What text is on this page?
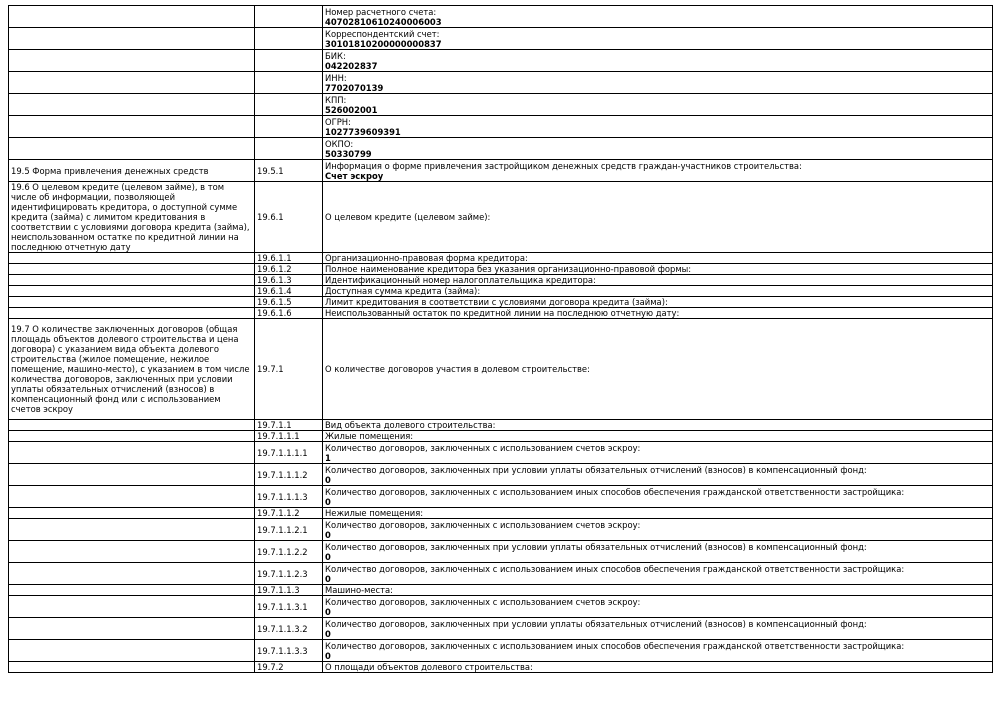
		Номер расчетного счета:
40702810610240006003

		Корреспондентский счет:
30101810200000000837

		БИК:
042202837

		ИНН:
7702070139

		КПП:
526002001

		ОГРН:
1027739609391

		ОКПО:
50330799

19.5 Форма привлечения денежных средств	19.5.1	Информация о форме привлечения застройщиком денежных средств граждан-участников строительства:
Счет эскроу

19.6 О целевом кредите (целевом займе), в том числе об информации, позволяющей идентифицировать кредитора, о доступной сумме кредита (займа) с лимитом кредитования в соответствии с условиями договора кредита (займа), неиспользованном остатке по кредитной линии на последнюю отчетную дату	19.6.1	О целевом кредите (целевом займе):

	19.6.1.1	Организационно-правовая форма кредитора:

	19.6.1.2	Полное наименование кредитора без указания организационно-правовой формы:

	19.6.1.3	Идентификационный номер налогоплательщика кредитора:

	19.6.1.4	Доступная сумма кредита (займа):

	19.6.1.5	Лимит кредитования в соответствии с условиями договора кредита (займа):

	19.6.1.6	Неиспользованный остаток по кредитной линии на последнюю отчетную дату:

19.7 О количестве заключенных договоров (общая площадь объектов долевого строительства и цена договора) с указанием вида объекта долевого строительства (жилое помещение, нежилое помещение, машино-место), с указанием в том числе количества договоров, заключенных при условии уплаты обязательных отчислений (взносов) в компенсационный фонд или с использованием счетов эскроу	19.7.1	О количестве договоров участия в долевом строительстве:

	19.7.1.1	Вид объекта долевого строительства:

	19.7.1.1.1	Жилые помещения:

	19.7.1.1.1.1	Количество договоров, заключенных с использованием счетов эскроу:
1

	19.7.1.1.1.2	Количество договоров, заключенных при условии уплаты обязательных отчислений (взносов) в компенсационный фонд:
0

	19.7.1.1.1.3	Количество договоров, заключенных с использованием иных способов обеспечения гражданской ответственности застройщика:
0

	19.7.1.1.2	Нежилые помещения:

	19.7.1.1.2.1	Количество договоров, заключенных с использованием счетов эскроу:
0

	19.7.1.1.2.2	Количество договоров, заключенных при условии уплаты обязательных отчислений (взносов) в компенсационный фонд:
0

	19.7.1.1.2.3	Количество договоров, заключенных с использованием иных способов обеспечения гражданской ответственности застройщика:
0

	19.7.1.1.3	Машино-места:

	19.7.1.1.3.1	Количество договоров, заключенных с использованием счетов эскроу:
0

	19.7.1.1.3.2	Количество договоров, заключенных при условии уплаты обязательных отчислений (взносов) в компенсационный фонд:
0

	19.7.1.1.3.3	Количество договоров, заключенных с использованием иных способов обеспечения гражданской ответственности застройщика:
0

	19.7.2	О площади объектов долевого строительства:
